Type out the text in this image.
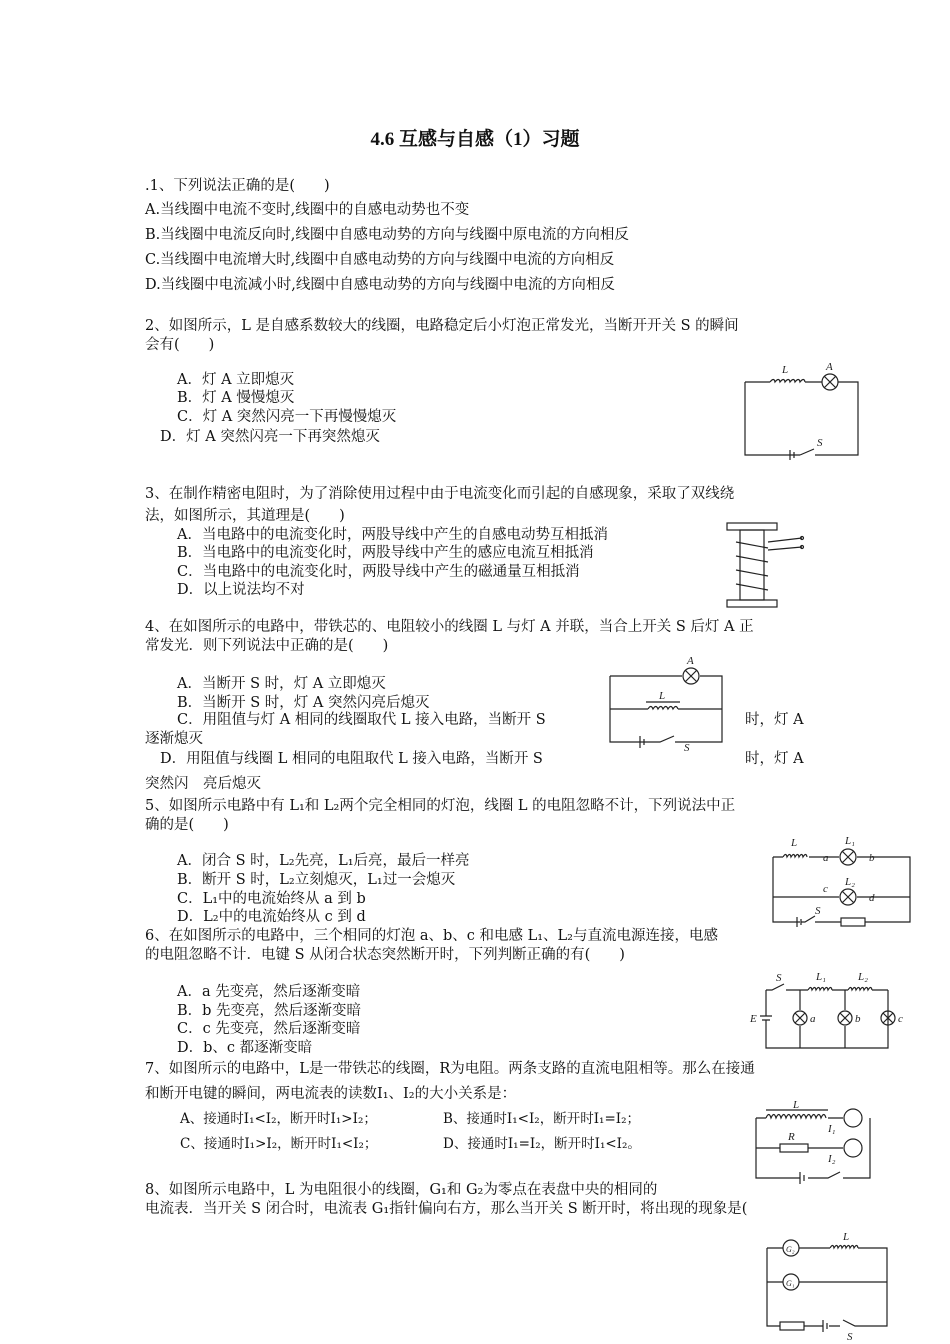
4.6 互感与自感（1）习题
.1、下列说法正确的是(　　)
A.当线圈中电流不变时,线圈中的自感电动势也不变
B.当线圈中电流反向时,线圈中自感电动势的方向与线圈中原电流的方向相反
C.当线圈中电流增大时,线圈中自感电动势的方向与线圈中电流的方向相反
D.当线圈中电流减小时,线圈中自感电动势的方向与线圈中电流的方向相反
2、如图所示，L 是自感系数较大的线圈，电路稳定后小灯泡正常发光，当断开开关 S 的瞬间
会有(　　)
A．灯 A 立即熄灭
B．灯 A 慢慢熄灭
C．灯 A 突然闪亮一下再慢慢熄灭
D．灯 A 突然闪亮一下再突然熄灭
L	A
S
3、在制作精密电阻时，为了消除使用过程中由于电流变化而引起的自感现象，采取了双线绕
法，如图所示，其道理是(　　)
A．当电路中的电流变化时，两股导线中产生的自感电动势互相抵消
B．当电路中的电流变化时，两股导线中产生的感应电流互相抵消
C．当电路中的电流变化时，两股导线中产生的磁通量互相抵消
D．以上说法均不对
4、在如图所示的电路中，带铁芯的、电阻较小的线圈 L 与灯 A 并联，当合上开关 S 后灯 A 正
常发光．则下列说法中正确的是(　　)
A．当断开 S 时，灯 A 立即熄灭
B．当断开 S 时，灯 A 突然闪亮后熄灭
C．用阻值与灯 A 相同的线圈取代 L 接入电路，当断开 S	时，灯 A
逐渐熄灭
D．用阻值与线圈 L 相同的电阻取代 L 接入电路，当断开 S	时，灯 A
突然闪　亮后熄灭
A
L
S
5、如图所示电路中有 L₁和 L₂两个完全相同的灯泡，线圈 L 的电阻忽略不计，下列说法中正
确的是(　　)
A．闭合 S 时，L₂先亮，L₁后亮，最后一样亮
B．断开 S 时，L₂立刻熄灭，L₁过一会熄灭
C．L₁中的电流始终从 a 到 b
D．L₂中的电流始终从 c 到 d
L
a	b
L₁
c
d
L₂
S
6、在如图所示的电路中，三个相同的灯泡 a、b、c 和电感 L₁、L₂与直流电源连接，电感
的电阻忽略不计．电键 S 从闭合状态突然断开时，下列判断正确的有(　　)
A．a 先变亮，然后逐渐变暗
B．b 先变亮，然后逐渐变暗
C．c 先变亮，然后逐渐变暗
D．b、c 都逐渐变暗
S	L₁	L₂
E	a	b	c
7、如图所示的电路中，L是一带铁芯的线圈，R为电阻。两条支路的直流电阻相等。那么在接通
和断开电键的瞬间，两电流表的读数I₁、I₂的大小关系是：
A、接通时I₁<I₂，断开时I₁>I₂；	B、接通时I₁<I₂，断开时I₁=I₂；
C、接通时I₁>I₂，断开时I₁<I₂；	D、接通时I₁=I₂，断开时I₁<I₂。
L
I₁
R
I₂
8、如图所示电路中，L 为电阻很小的线圈，G₁和 G₂为零点在表盘中央的相同的
电流表．当开关 S 闭合时，电流表 G₁指针偏向右方，那么当开关 S 断开时，将出现的现象是(
G₂
G₁
L
S
